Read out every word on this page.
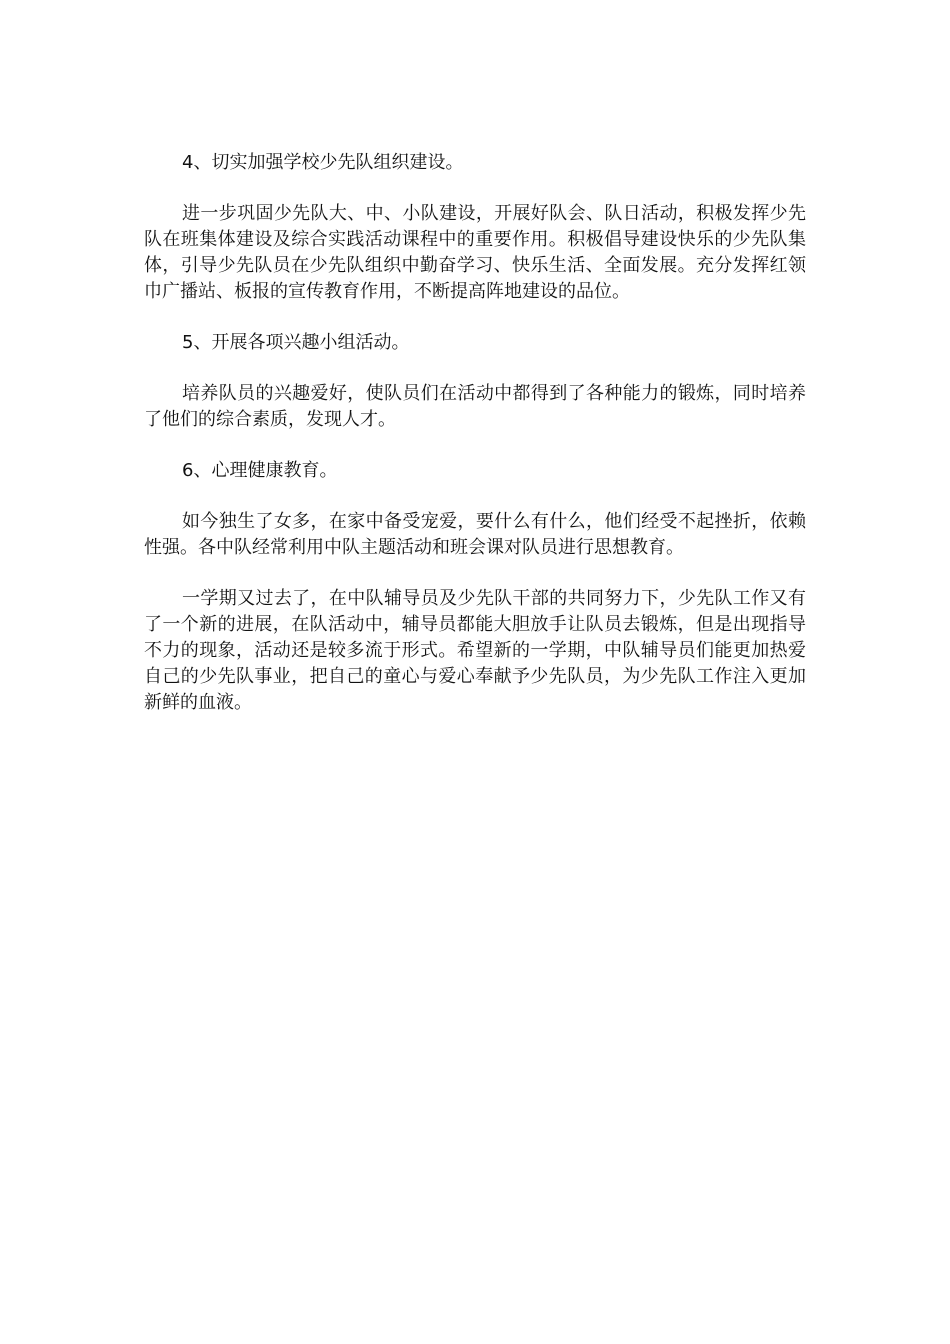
4、切实加强学校少先队组织建设。

进一步巩固少先队大、中、小队建设，开展好队会、队日活动，积极发挥少先队在班集体建设及综合实践活动课程中的重要作用。积极倡导建设快乐的少先队集体，引导少先队员在少先队组织中勤奋学习、快乐生活、全面发展。充分发挥红领巾广播站、板报的宣传教育作用，不断提高阵地建设的品位。

5、开展各项兴趣小组活动。

培养队员的兴趣爱好，使队员们在活动中都得到了各种能力的锻炼，同时培养了他们的综合素质，发现人才。

6、心理健康教育。

如今独生了女多，在家中备受宠爱，要什么有什么，他们经受不起挫折，依赖性强。各中队经常利用中队主题活动和班会课对队员进行思想教育。

一学期又过去了，在中队辅导员及少先队干部的共同努力下，少先队工作又有了一个新的进展，在队活动中，辅导员都能大胆放手让队员去锻炼，但是出现指导不力的现象，活动还是较多流于形式。希望新的一学期，中队辅导员们能更加热爱自己的少先队事业，把自己的童心与爱心奉献予少先队员，为少先队工作注入更加新鲜的血液。
